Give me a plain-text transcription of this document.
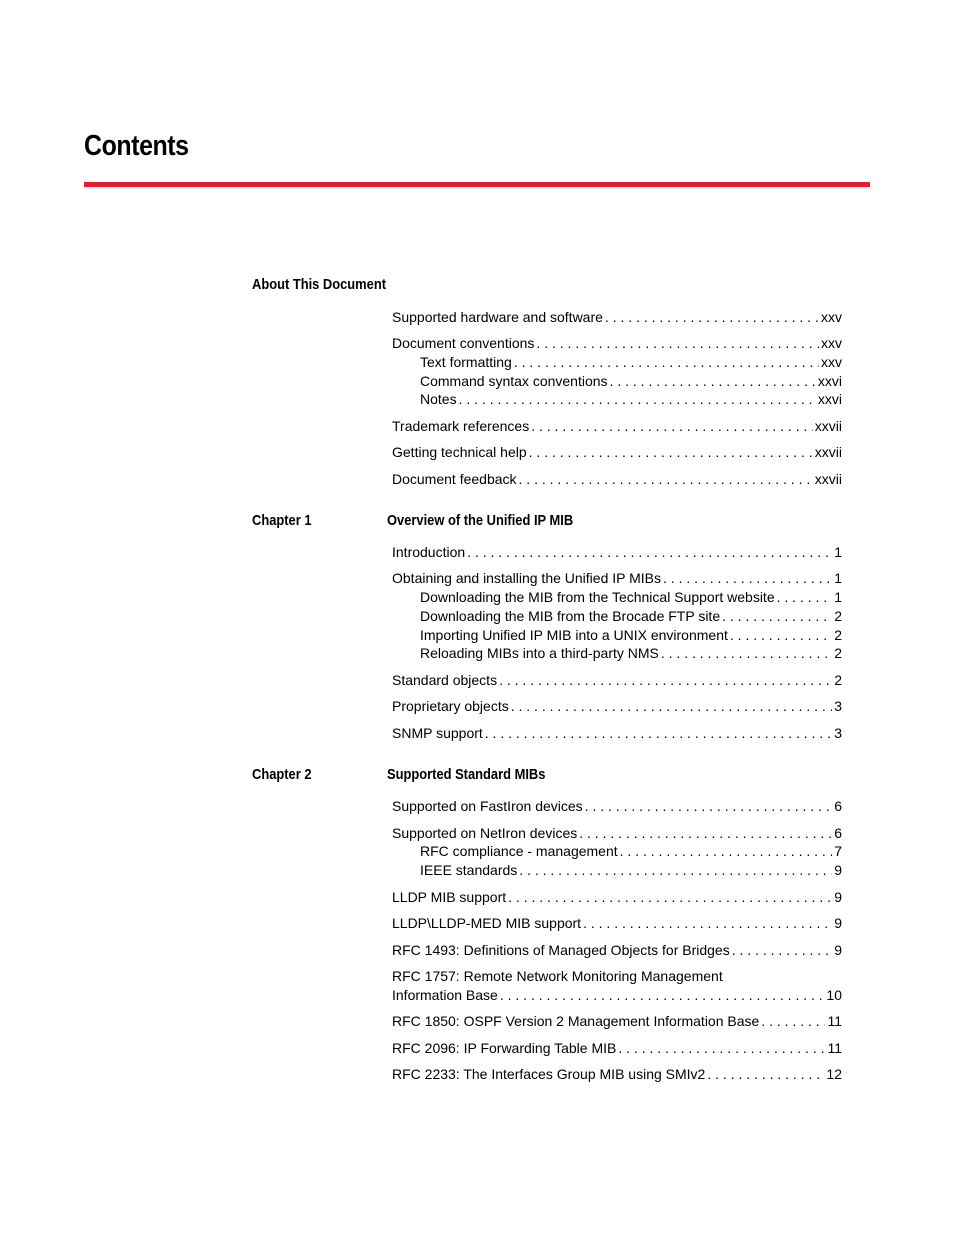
Contents
About This Document
Supported hardware and software . . .	xxv
Document conventions . . .	xxv
Text formatting . . .	xxv
Command syntax conventions . . .	xxvi
Notes . . .	xxvi
Trademark references . . .	xxvii
Getting technical help . . .	xxvii
Document feedback . . .	xxvii
Chapter 1	Overview of the Unified IP MIB
Introduction . . .	1
Obtaining and installing the Unified IP MIBs . . .	1
Downloading the MIB from the Technical Support website . . .	1
Downloading the MIB from the Brocade FTP site . . .	2
Importing Unified IP MIB into a UNIX environment . . .	2
Reloading MIBs into a third-party NMS . . .	2
Standard objects . . .	2
Proprietary objects . . .	3
SNMP support . . .	3
Chapter 2	Supported Standard MIBs
Supported on FastIron devices . . .	6
Supported on NetIron devices . . .	6
RFC compliance - management . . .	7
IEEE standards . . .	9
LLDP MIB support . . .	9
LLDP\LLDP-MED MIB support . . .	9
RFC 1493: Definitions of Managed Objects for Bridges . . .	9
RFC 1757: Remote Network Monitoring Management
Information Base . . .	10
RFC 1850: OSPF Version 2 Management Information Base . . .	11
RFC 2096: IP Forwarding Table MIB . . .	11
RFC 2233: The Interfaces Group MIB using SMIv2 . . .	12
